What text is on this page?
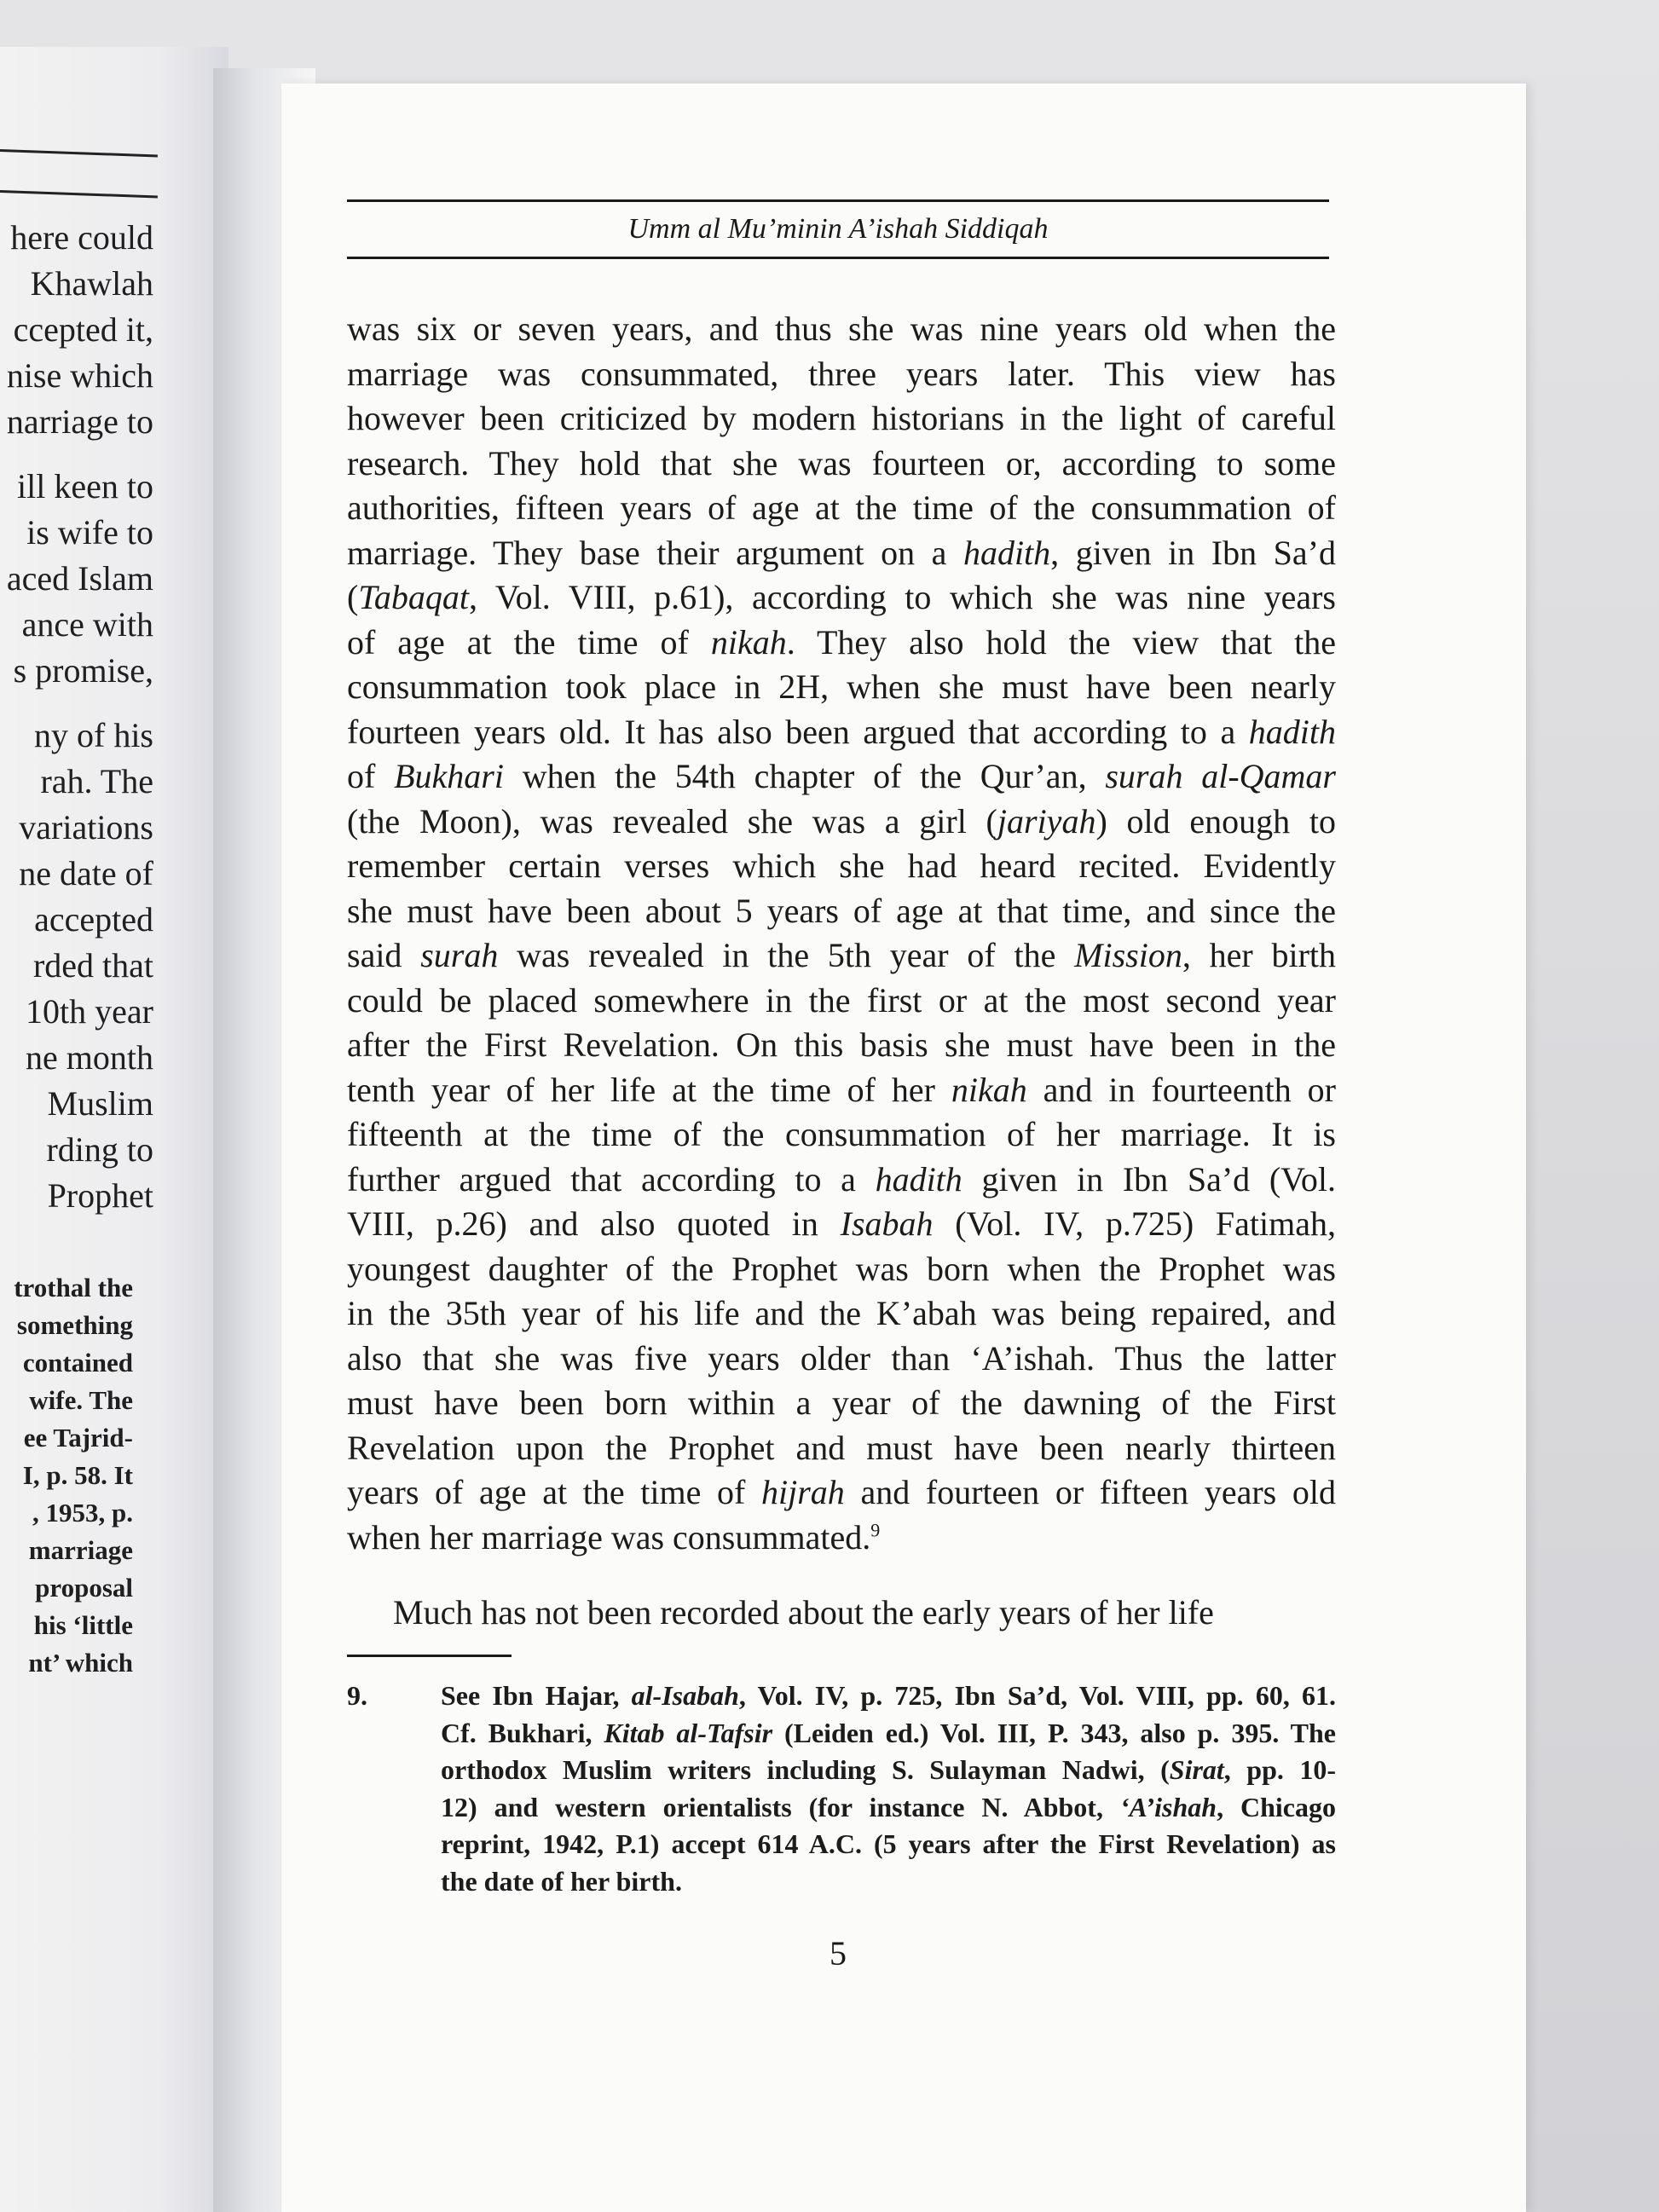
here could
Khawlah
ccepted it,
nise which
narriage to
ill keen to
is wife to
aced Islam
ance with
s promise,
ny of his
rah. The
variations
ne date of
accepted
rded that
10th year
ne month
Muslim
rding to
Prophet
trothal the
something
contained
wife. The
ee Tajrid-
I, p. 58. It
, 1953, p.
marriage
proposal
his ‘little
nt’ which
Umm al Mu’minin A’ishah Siddiqah
was six or seven years, and thus she was nine years old when the
marriage was consummated, three years later. This view has
however been criticized by modern historians in the light of careful
research. They hold that she was fourteen or, according to some
authorities, fifteen years of age at the time of the consummation of
marriage. They base their argument on a hadith, given in Ibn Sa’d
(Tabaqat, Vol. VIII, p.61), according to which she was nine years
of age at the time of nikah. They also hold the view that the
consummation took place in 2H, when she must have been nearly
fourteen years old. It has also been argued that according to a hadith
of Bukhari when the 54th chapter of the Qur’an, surah al-Qamar
(the Moon), was revealed she was a girl (jariyah) old enough to
remember certain verses which she had heard recited. Evidently
she must have been about 5 years of age at that time, and since the
said surah was revealed in the 5th year of the Mission, her birth
could be placed somewhere in the first or at the most second year
after the First Revelation. On this basis she must have been in the
tenth year of her life at the time of her nikah and in fourteenth or
fifteenth at the time of the consummation of her marriage. It is
further argued that according to a hadith given in Ibn Sa’d (Vol.
VIII, p.26) and also quoted in Isabah (Vol. IV, p.725) Fatimah,
youngest daughter of the Prophet was born when the Prophet was
in the 35th year of his life and the K’abah was being repaired, and
also that she was five years older than ‘A’ishah. Thus the latter
must have been born within a year of the dawning of the First
Revelation upon the Prophet and must have been nearly thirteen
years of age at the time of hijrah and fourteen or fifteen years old
when her marriage was consummated.$^9$
Much has not been recorded about the early years of her life
9.	See Ibn Hajar, al-Isabah, Vol. IV, p. 725, Ibn Sa’d, Vol. VIII, pp. 60, 61.
Cf. Bukhari, Kitab al-Tafsir (Leiden ed.) Vol. III, P. 343, also p. 395. The
orthodox Muslim writers including S. Sulayman Nadwi, (Sirat, pp. 10-
12) and western orientalists (for instance N. Abbot, ‘A’ishah, Chicago
reprint, 1942, P.1) accept 614 A.C. (5 years after the First Revelation) as
the date of her birth.
5
